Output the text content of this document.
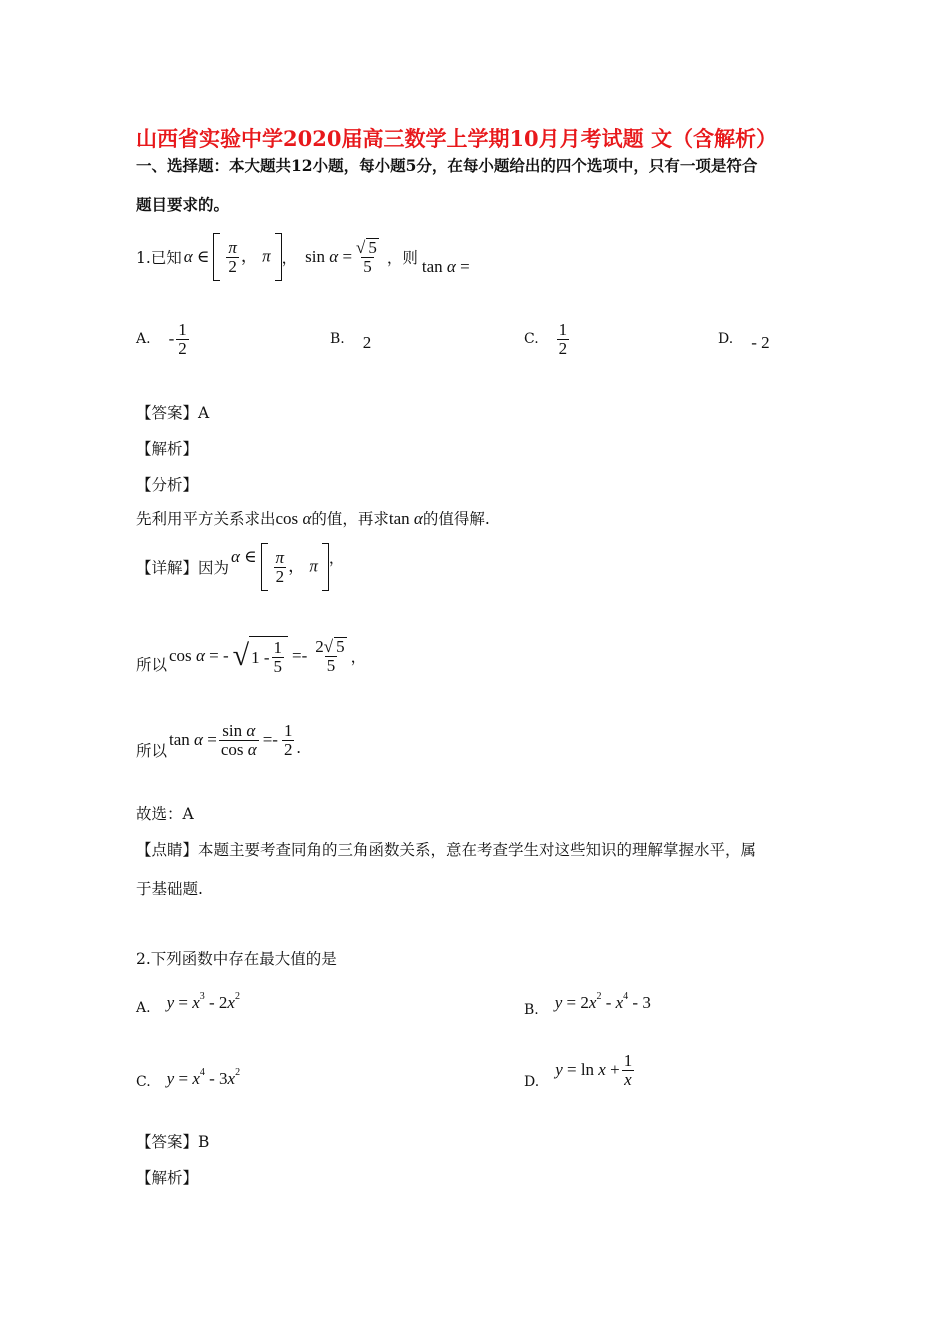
山西省实验中学2020届高三数学上学期10月月考试题 文（含解析）
一、选择题：本大题共12小题，每小题5分，在每小题给出的四个选项中，只有一项是符合
题目要求的。
1.已知 α ∈ $\frac{\pi}{2}$ ， π ， $\sin \alpha = \frac{√ 5}{5}$ ，则 tan α =
A. - $\frac{1}{2}$	B. 2	C. $\frac{1}{2}$	D. - 2
【答案】A
【解析】
【分析】
先利用平方关系求出cos α的值，再求tan α的值得解.
【详解】因为
α ∈ $\frac{\pi}{2}$ ， π ，
所以 cos α = - √ $1 - \frac{1}{5} =- \frac{2√ 5}{5}$ ，
所以
$\tan \alpha = \frac{\text{sin α}}{\text{cos α}} =- \frac{1}{2}$ .
故选：A
【点睛】本题主要考查同角的三角函数关系，意在考查学生对这些知识的理解掌握水平，属
于基础题.
2.下列函数中存在最大值的是
A. $y = x^3 - 2x^2$
B. $y = 2x^2 - x^4 - 3$
C. $y = x^4 - 3x^2$
D.
$y = \ln x + \frac{1}{x}$
【答案】B
【解析】
